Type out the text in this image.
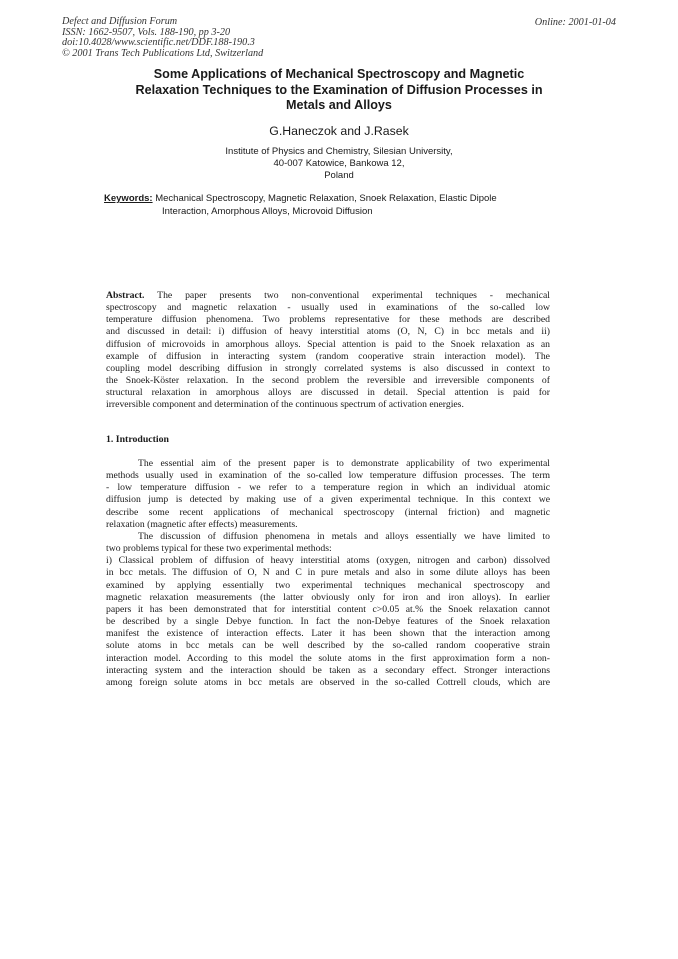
Defect and Diffusion Forum
ISSN: 1662-9507, Vols. 188-190, pp 3-20
doi:10.4028/www.scientific.net/DDF.188-190.3
© 2001 Trans Tech Publications Ltd, Switzerland
Online: 2001-01-04
Some Applications of Mechanical Spectroscopy and Magnetic
Relaxation Techniques to the Examination of Diffusion Processes in
Metals and Alloys
G.Haneczok and J.Rasek
Institute of Physics and Chemistry, Silesian University,
40-007 Katowice, Bankowa 12,
Poland
Keywords: Mechanical Spectroscopy, Magnetic Relaxation, Snoek Relaxation, Elastic Dipole
Interaction, Amorphous Alloys, Microvoid Diffusion
Abstract. The paper presents two non-conventional experimental techniques - mechanical
spectroscopy and magnetic relaxation - usually used in examinations of the so-called low
temperature diffusion phenomena. Two problems representative for these methods are described
and discussed in detail: i) diffusion of heavy interstitial atoms (O, N, C) in bcc metals and ii)
diffusion of microvoids in amorphous alloys. Special attention is paid to the Snoek relaxation as an
example of diffusion in interacting system (random cooperative strain interaction model). The
coupling model describing diffusion in strongly correlated systems is also discussed in context to
the Snoek-Köster relaxation. In the second problem the reversible and irreversible components of
structural relaxation in amorphous alloys are discussed in detail. Special attention is paid for
irreversible component and determination of the continuous spectrum of activation energies.
1. Introduction
The essential aim of the present paper is to demonstrate applicability of two experimental
methods usually used in examination of the so-called low temperature diffusion processes. The term
- low temperature diffusion - we refer to a temperature region in which an individual atomic
diffusion jump is detected by making use of a given experimental technique. In this context we
describe some recent applications of mechanical spectroscopy (internal friction) and magnetic
relaxation (magnetic after effects) measurements.
The discussion of diffusion phenomena in metals and alloys essentially we have limited to
two problems typical for these two experimental methods:
i) Classical problem of diffusion of heavy interstitial atoms (oxygen, nitrogen and carbon) dissolved
in bcc metals. The diffusion of O, N and C in pure metals and also in some dilute alloys has been
examined by applying essentially two experimental techniques mechanical spectroscopy and
magnetic relaxation measurements (the latter obviously only for iron and iron alloys). In earlier
papers it has been demonstrated that for interstitial content c>0.05 at.% the Snoek relaxation cannot
be described by a single Debye function. In fact the non-Debye features of the Snoek relaxation
manifest the existence of interaction effects. Later it has been shown that the interaction among
solute atoms in bcc metals can be well described by the so-called random cooperative strain
interaction model. According to this model the solute atoms in the first approximation form a non-
interacting system and the interaction should be taken as a secondary effect. Stronger interactions
among foreign solute atoms in bcc metals are observed in the so-called Cottrell clouds, which are
